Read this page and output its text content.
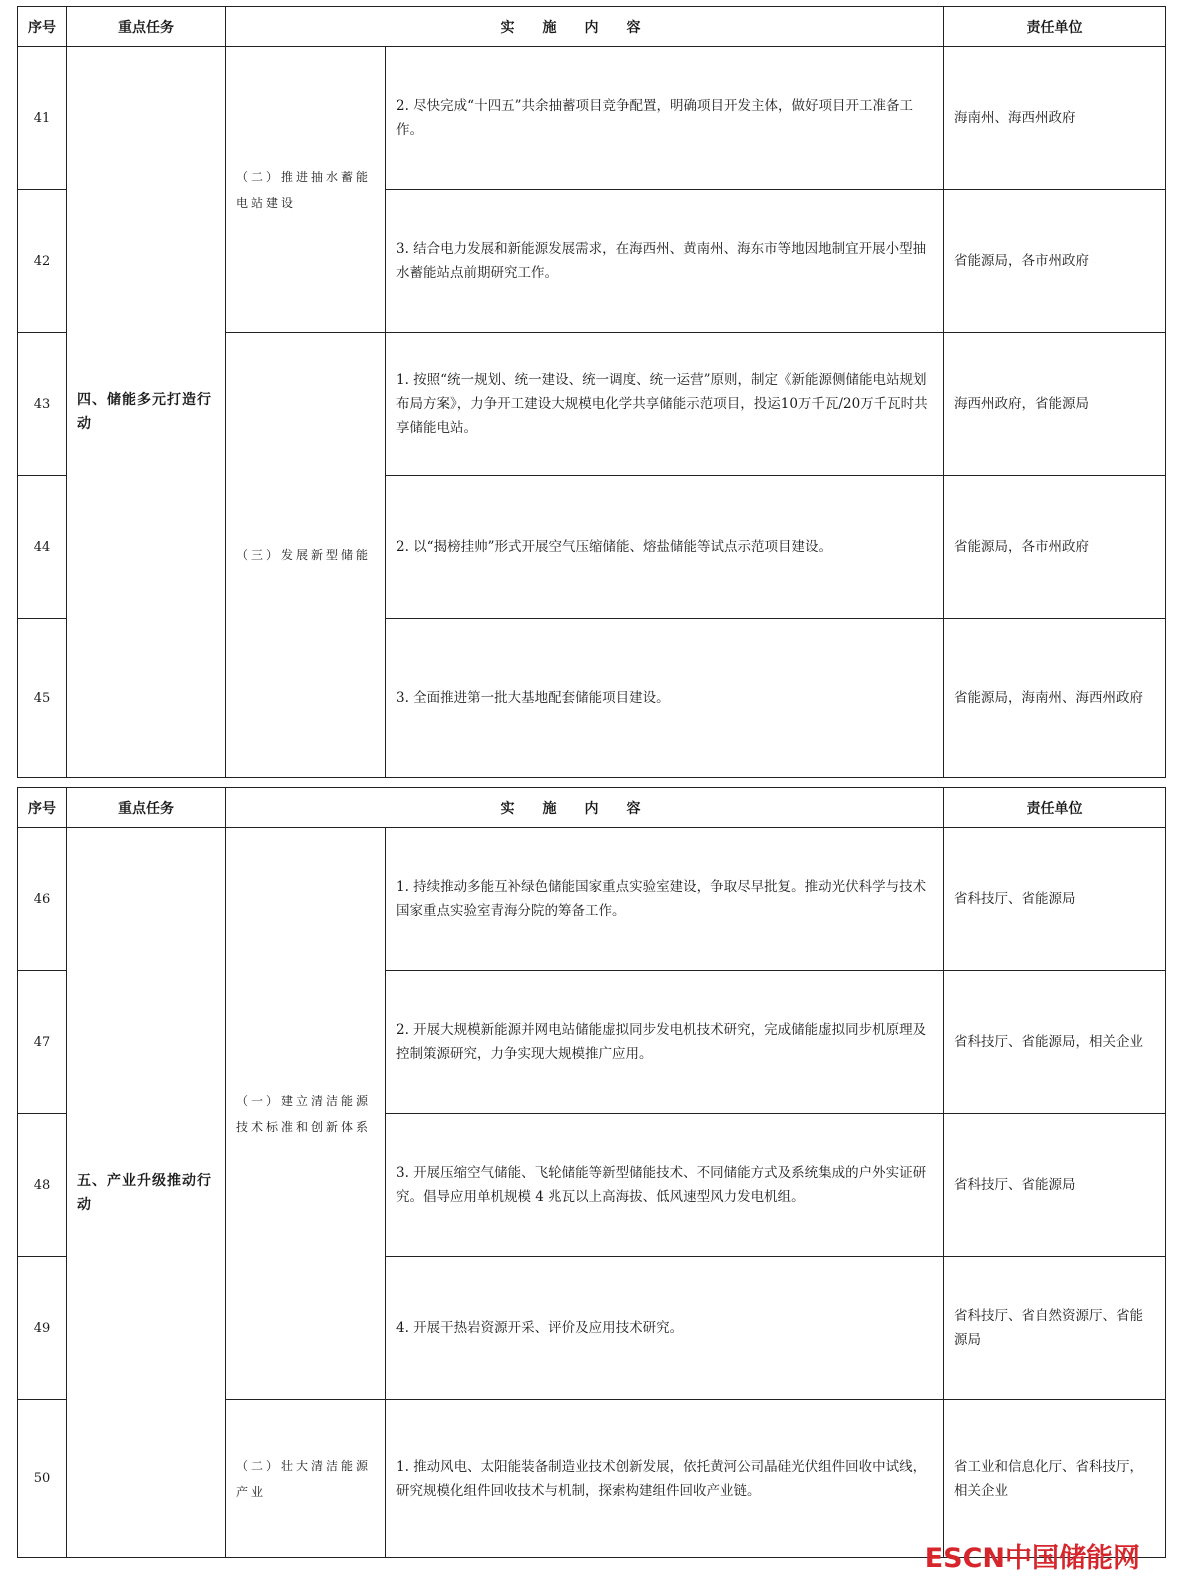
序号	重点任务	实施内容		责任单位
41	四、储能多元打造行动	（二）推进抽水蓄能电站建设	2. 尽快完成“十四五”共余抽蓄项目竞争配置，明确项目开发主体，做好项目开工准备工作。	海南州、海西州政府
42			3. 结合电力发展和新能源发展需求，在海西州、黄南州、海东市等地因地制宜开展小型抽水蓄能站点前期研究工作。	省能源局，各市州政府
43		（三）发展新型储能	1. 按照“统一规划、统一建设、统一调度、统一运营”原则，制定《新能源侧储能电站规划布局方案》，力争开工建设大规模电化学共享储能示范项目，投运10万千瓦/20万千瓦时共享储能电站。	海西州政府，省能源局
44			2. 以“揭榜挂帅”形式开展空气压缩储能、熔盐储能等试点示范项目建设。	省能源局，各市州政府
45			3. 全面推进第一批大基地配套储能项目建设。	省能源局，海南州、海西州政府
序号	重点任务	实施内容		责任单位
46	五、产业升级推动行动	（一）建立清洁能源技术标准和创新体系	1. 持续推动多能互补绿色储能国家重点实验室建设，争取尽早批复。推动光伏科学与技术国家重点实验室青海分院的筹备工作。	省科技厅、省能源局
47			2. 开展大规模新能源并网电站储能虚拟同步发电机技术研究，完成储能虚拟同步机原理及控制策源研究，力争实现大规模推广应用。	省科技厅、省能源局，相关企业
48			3. 开展压缩空气储能、飞轮储能等新型储能技术、不同储能方式及系统集成的户外实证研究。倡导应用单机规模 4 兆瓦以上高海拔、低风速型风力发电机组。	省科技厅、省能源局
49			4. 开展干热岩资源开采、评价及应用技术研究。	省科技厅、省自然资源厅、省能源局
50		（二）壮大清洁能源产业	1. 推动风电、太阳能装备制造业技术创新发展，依托黄河公司晶硅光伏组件回收中试线，研究规模化组件回收技术与机制，探索构建组件回收产业链。	省工业和信息化厅、省科技厅，相关企业
ESCN中国储能网
